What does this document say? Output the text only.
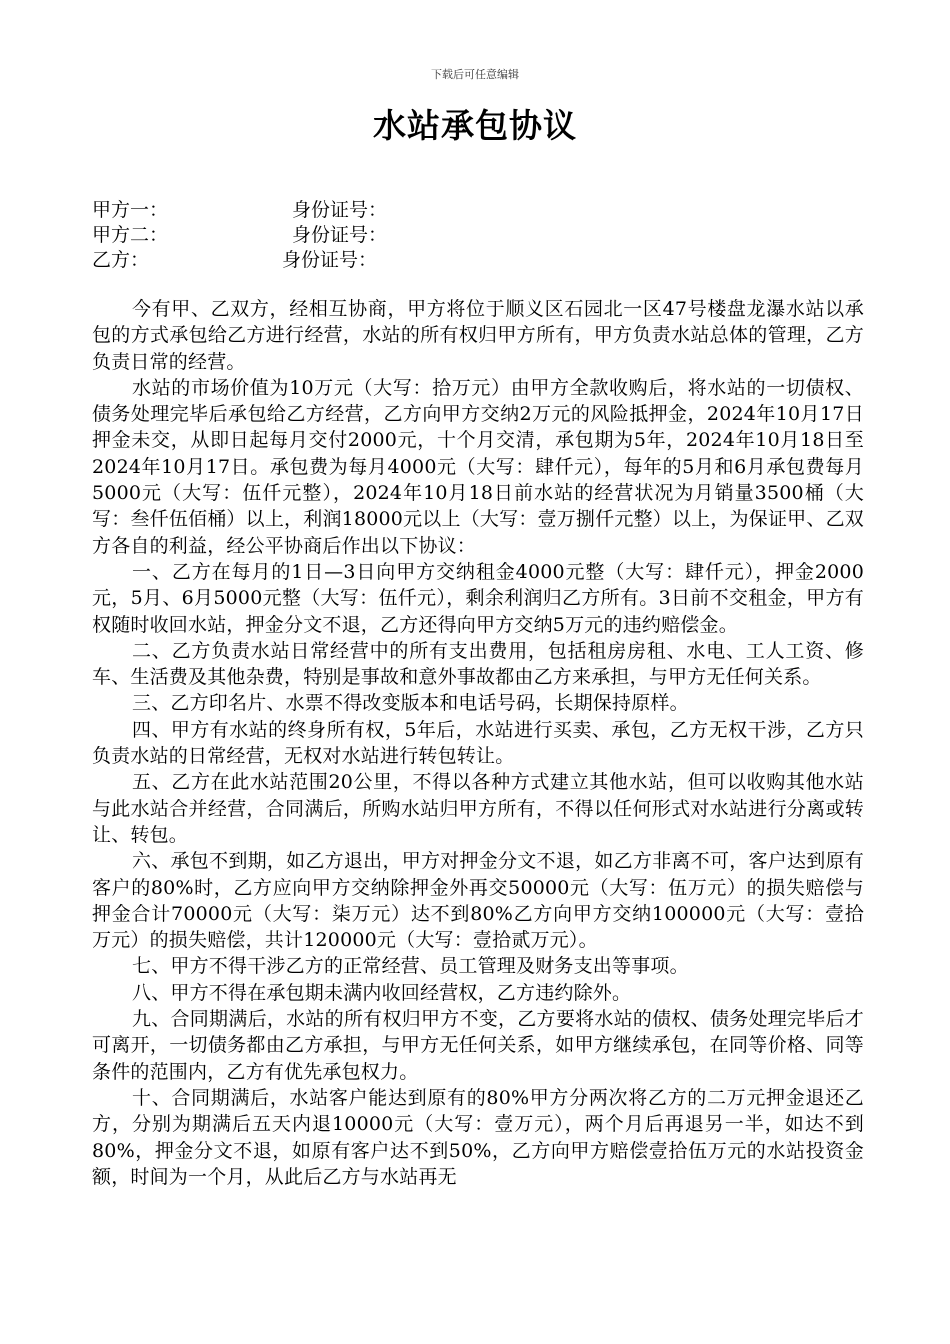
下载后可任意编辑
水站承包协议
甲方一：	身份证号：
甲方二：	身份证号：
乙方：	身份证号：

今有甲、乙双方，经相互协商，甲方将位于顺义区石园北一区47号楼盘龙瀑水站以承包的方式承包给乙方进行经营，水站的所有权归甲方所有，甲方负责水站总体的管理，乙方负责日常的经营。

水站的市场价值为10万元（大写：拾万元）由甲方全款收购后，将水站的一切债权、债务处理完毕后承包给乙方经营，乙方向甲方交纳2万元的风险抵押金，2024年10月17日押金未交，从即日起每月交付2000元，十个月交清，承包期为5年，2024年10月18日至2024年10月17日。承包费为每月4000元（大写：肆仟元），每年的5月和6月承包费每月5000元（大写：伍仟元整），2024年10月18日前水站的经营状况为月销量3500桶（大写：叁仟伍佰桶）以上，利润18000元以上（大写：壹万捌仟元整）以上，为保证甲、乙双方各自的利益，经公平协商后作出以下协议：

一、乙方在每月的1日—3日向甲方交纳租金4000元整（大写：肆仟元），押金2000元，5月、6月5000元整（大写：伍仟元），剩余利润归乙方所有。3日前不交租金，甲方有权随时收回水站，押金分文不退，乙方还得向甲方交纳5万元的违约赔偿金。

二、乙方负责水站日常经营中的所有支出费用，包括租房房租、水电、工人工资、修车、生活费及其他杂费，特别是事故和意外事故都由乙方来承担，与甲方无任何关系。

三、乙方印名片、水票不得改变版本和电话号码，长期保持原样。

四、甲方有水站的终身所有权，5年后，水站进行买卖、承包，乙方无权干涉，乙方只负责水站的日常经营，无权对水站进行转包转让。

五、乙方在此水站范围20公里，不得以各种方式建立其他水站，但可以收购其他水站与此水站合并经营，合同满后，所购水站归甲方所有，不得以任何形式对水站进行分离或转让、转包。

六、承包不到期，如乙方退出，甲方对押金分文不退，如乙方非离不可，客户达到原有客户的80%时，乙方应向甲方交纳除押金外再交50000元（大写：伍万元）的损失赔偿与押金合计70000元（大写：柒万元）达不到80%乙方向甲方交纳100000元（大写：壹拾万元）的损失赔偿，共计120000元（大写：壹拾贰万元）。

七、甲方不得干涉乙方的正常经营、员工管理及财务支出等事项。

八、甲方不得在承包期未满内收回经营权，乙方违约除外。

九、合同期满后，水站的所有权归甲方不变，乙方要将水站的债权、债务处理完毕后才可离开，一切债务都由乙方承担，与甲方无任何关系，如甲方继续承包，在同等价格、同等条件的范围内，乙方有优先承包权力。

十、合同期满后，水站客户能达到原有的80%甲方分两次将乙方的二万元押金退还乙方，分别为期满后五天内退10000元（大写：壹万元），两个月后再退另一半，如达不到80%，押金分文不退，如原有客户达不到50%，乙方向甲方赔偿壹拾伍万元的水站投资金额，时间为一个月，从此后乙方与水站再无
